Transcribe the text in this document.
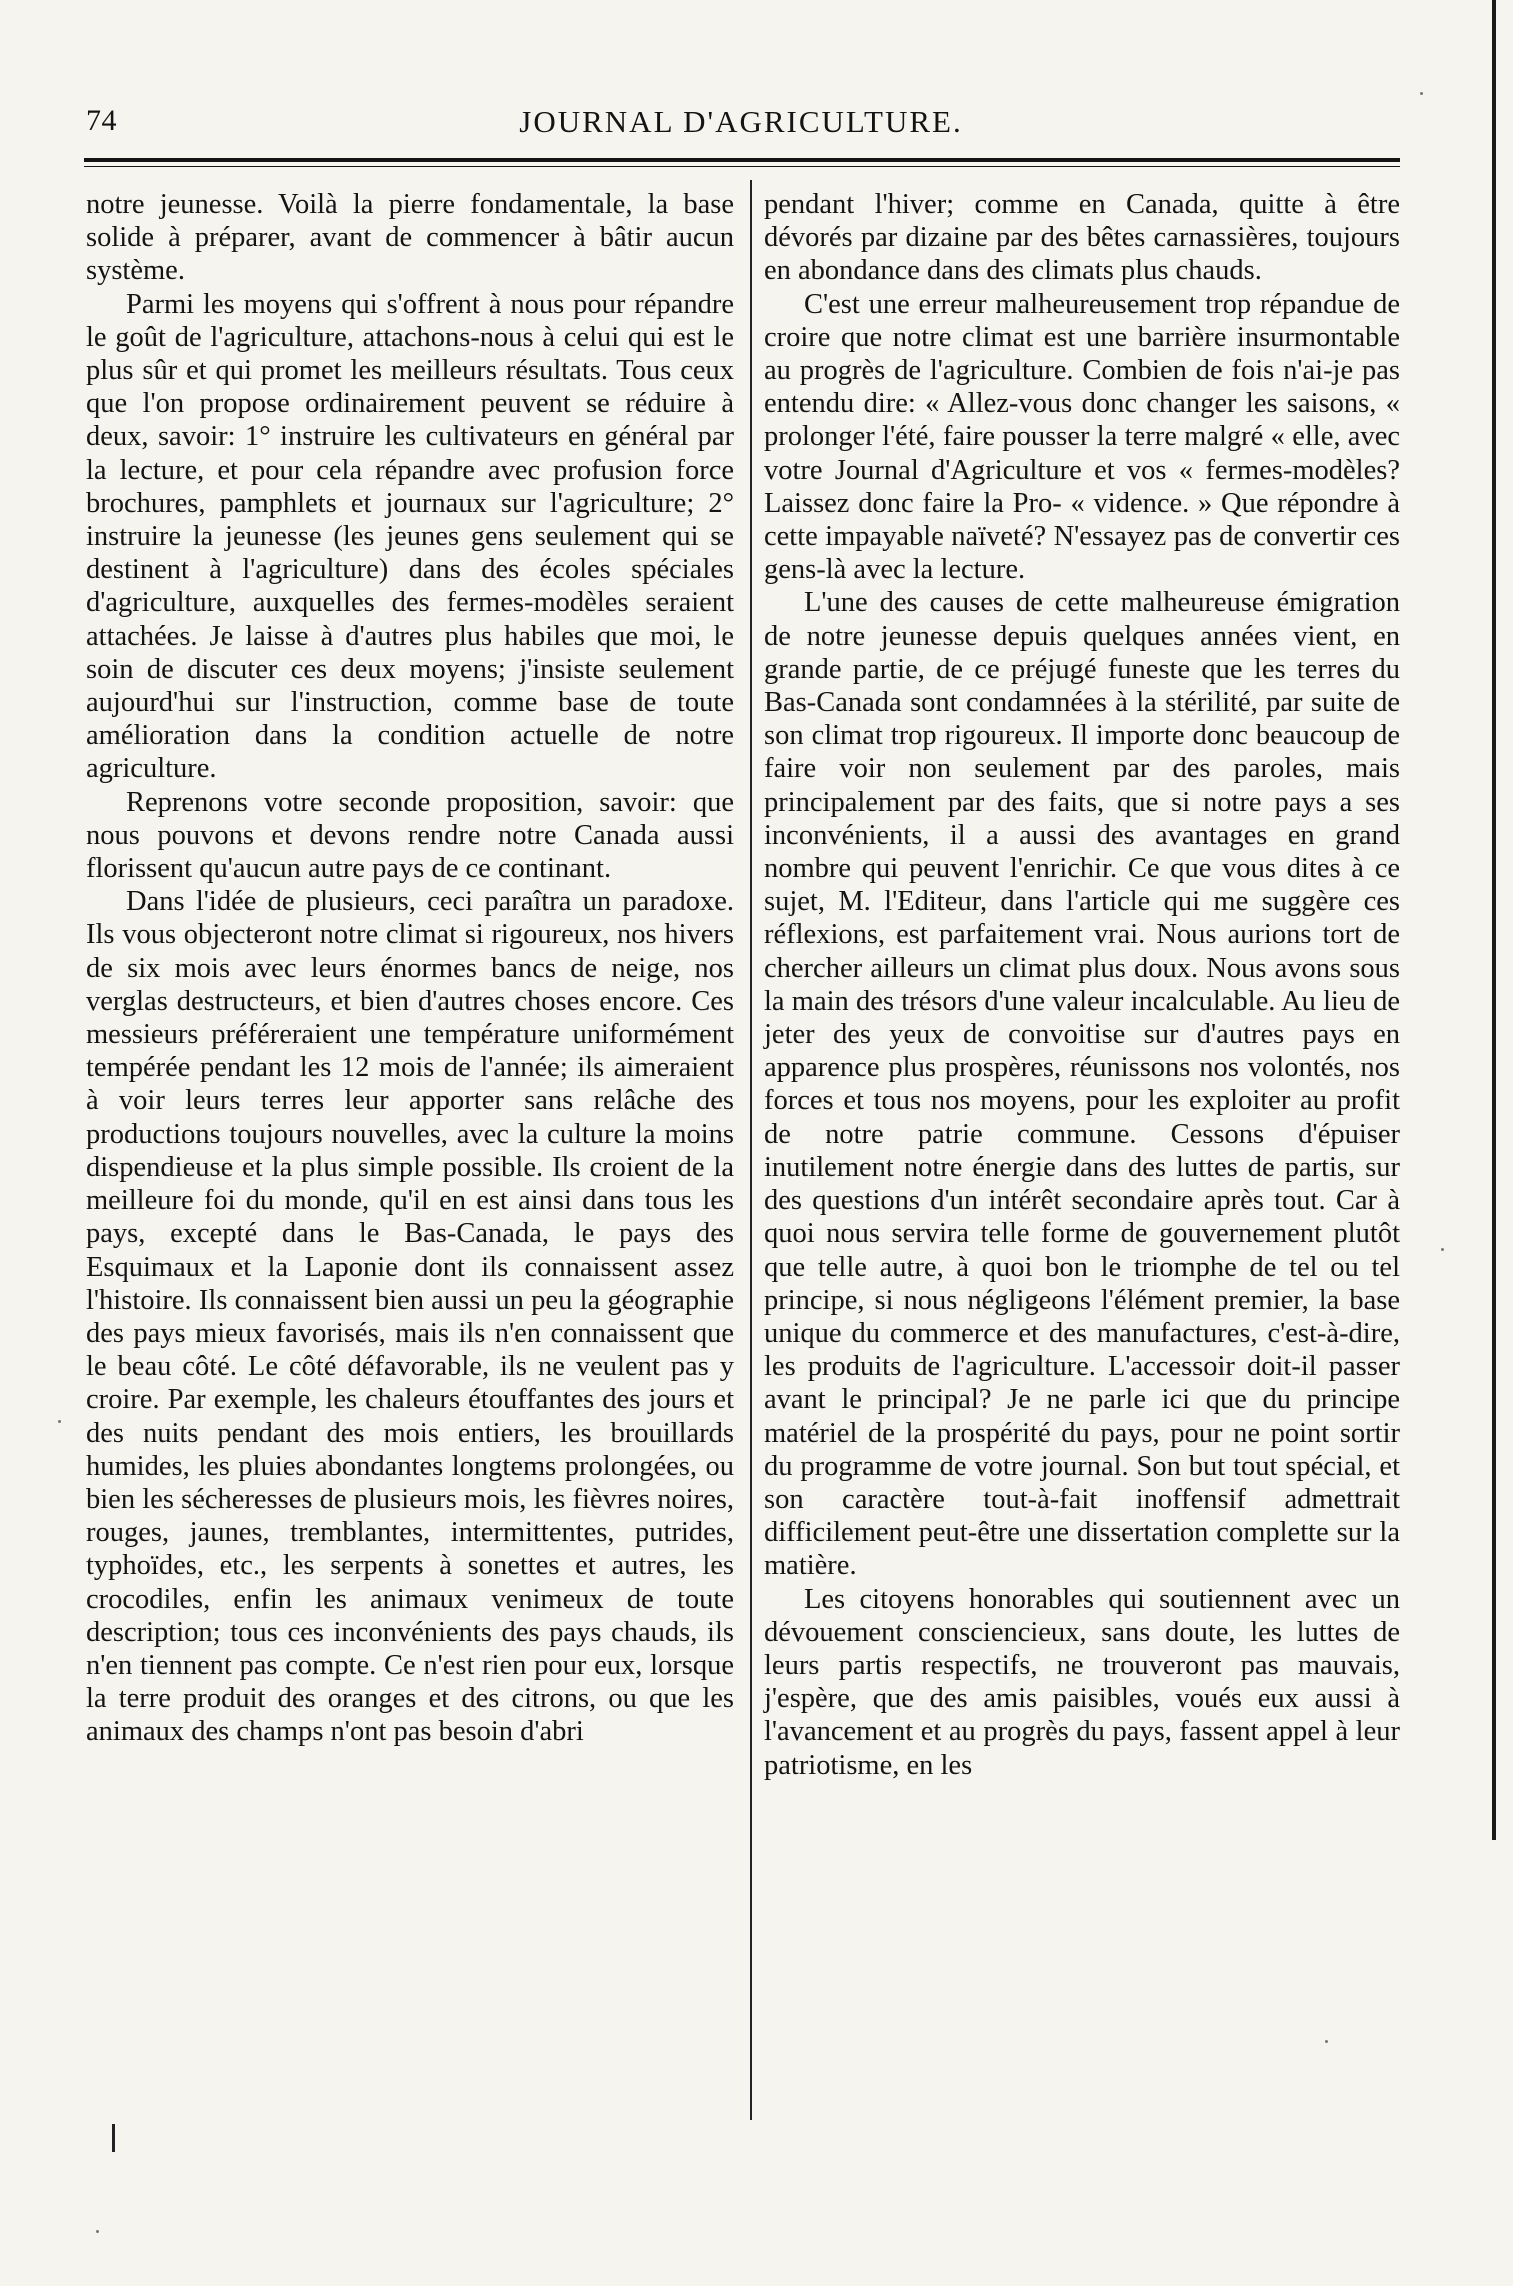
74	JOURNAL D'AGRICULTURE.

notre jeunesse. Voilà la pierre fondamentale, la base solide à préparer, avant de commencer à bâtir aucun système.

Parmi les moyens qui s'offrent à nous pour répandre le goût de l'agriculture, attachons-nous à celui qui est le plus sûr et qui promet les meilleurs résultats. Tous ceux que l'on propose ordinairement peuvent se réduire à deux, savoir: 1° instruire les cultivateurs en général par la lecture, et pour cela répandre avec profusion force brochures, pamphlets et journaux sur l'agriculture; 2° instruire la jeunesse (les jeunes gens seulement qui se destinent à l'agriculture) dans des écoles spéciales d'agriculture, auxquelles des fermes-modèles seraient attachées. Je laisse à d'autres plus habiles que moi, le soin de discuter ces deux moyens; j'insiste seulement aujourd'hui sur l'instruction, comme base de toute amélioration dans la condition actuelle de notre agriculture.

Reprenons votre seconde proposition, savoir: que nous pouvons et devons rendre notre Canada aussi florissent qu'aucun autre pays de ce continant.

Dans l'idée de plusieurs, ceci paraîtra un paradoxe. Ils vous objecteront notre climat si rigoureux, nos hivers de six mois avec leurs énormes bancs de neige, nos verglas destructeurs, et bien d'autres choses encore. Ces messieurs préféreraient une température uniformément tempérée pendant les 12 mois de l'année; ils aimeraient à voir leurs terres leur apporter sans relâche des productions toujours nouvelles, avec la culture la moins dispendieuse et la plus simple possible. Ils croient de la meilleure foi du monde, qu'il en est ainsi dans tous les pays, excepté dans le Bas-Canada, le pays des Esquimaux et la Laponie dont ils connaissent assez l'histoire. Ils connaissent bien aussi un peu la géographie des pays mieux favorisés, mais ils n'en connaissent que le beau côté. Le côté défavorable, ils ne veulent pas y croire. Par exemple, les chaleurs étouffantes des jours et des nuits pendant des mois entiers, les brouillards humides, les pluies abondantes longtems prolongées, ou bien les sécheresses de plusieurs mois, les fièvres noires, rouges, jaunes, tremblantes, intermittentes, putrides, typhoïdes, etc., les serpents à sonettes et autres, les crocodiles, enfin les animaux venimeux de toute description; tous ces inconvénients des pays chauds, ils n'en tiennent pas compte. Ce n'est rien pour eux, lorsque la terre produit des oranges et des citrons, ou que les animaux des champs n'ont pas besoin d'abri

pendant l'hiver; comme en Canada, quitte à être dévorés par dizaine par des bêtes carnassières, toujours en abondance dans des climats plus chauds.

C'est une erreur malheureusement trop répandue de croire que notre climat est une barrière insurmontable au progrès de l'agriculture. Combien de fois n'ai-je pas entendu dire: « Allez-vous donc changer les saisons, « prolonger l'été, faire pousser la terre malgré « elle, avec votre Journal d'Agriculture et vos « fermes-modèles? Laissez donc faire la Pro- « vidence. » Que répondre à cette impayable naïveté? N'essayez pas de convertir ces gens-là avec la lecture.

L'une des causes de cette malheureuse émigration de notre jeunesse depuis quelques années vient, en grande partie, de ce préjugé funeste que les terres du Bas-Canada sont condamnées à la stérilité, par suite de son climat trop rigoureux. Il importe donc beaucoup de faire voir non seulement par des paroles, mais principalement par des faits, que si notre pays a ses inconvénients, il a aussi des avantages en grand nombre qui peuvent l'enrichir. Ce que vous dites à ce sujet, M. l'Editeur, dans l'article qui me suggère ces réflexions, est parfaitement vrai. Nous aurions tort de chercher ailleurs un climat plus doux. Nous avons sous la main des trésors d'une valeur incalculable. Au lieu de jeter des yeux de convoitise sur d'autres pays en apparence plus prospères, réunissons nos volontés, nos forces et tous nos moyens, pour les exploiter au profit de notre patrie commune. Cessons d'épuiser inutilement notre énergie dans des luttes de partis, sur des questions d'un intérêt secondaire après tout. Car à quoi nous servira telle forme de gouvernement plutôt que telle autre, à quoi bon le triomphe de tel ou tel principe, si nous négligeons l'élément premier, la base unique du commerce et des manufactures, c'est-à-dire, les produits de l'agriculture. L'accessoir doit-il passer avant le principal? Je ne parle ici que du principe matériel de la prospérité du pays, pour ne point sortir du programme de votre journal. Son but tout spécial, et son caractère tout-à-fait inoffensif admettrait difficilement peut-être une dissertation complette sur la matière.

Les citoyens honorables qui soutiennent avec un dévouement consciencieux, sans doute, les luttes de leurs partis respectifs, ne trouveront pas mauvais, j'espère, que des amis paisibles, voués eux aussi à l'avancement et au progrès du pays, fassent appel à leur patriotisme, en les
